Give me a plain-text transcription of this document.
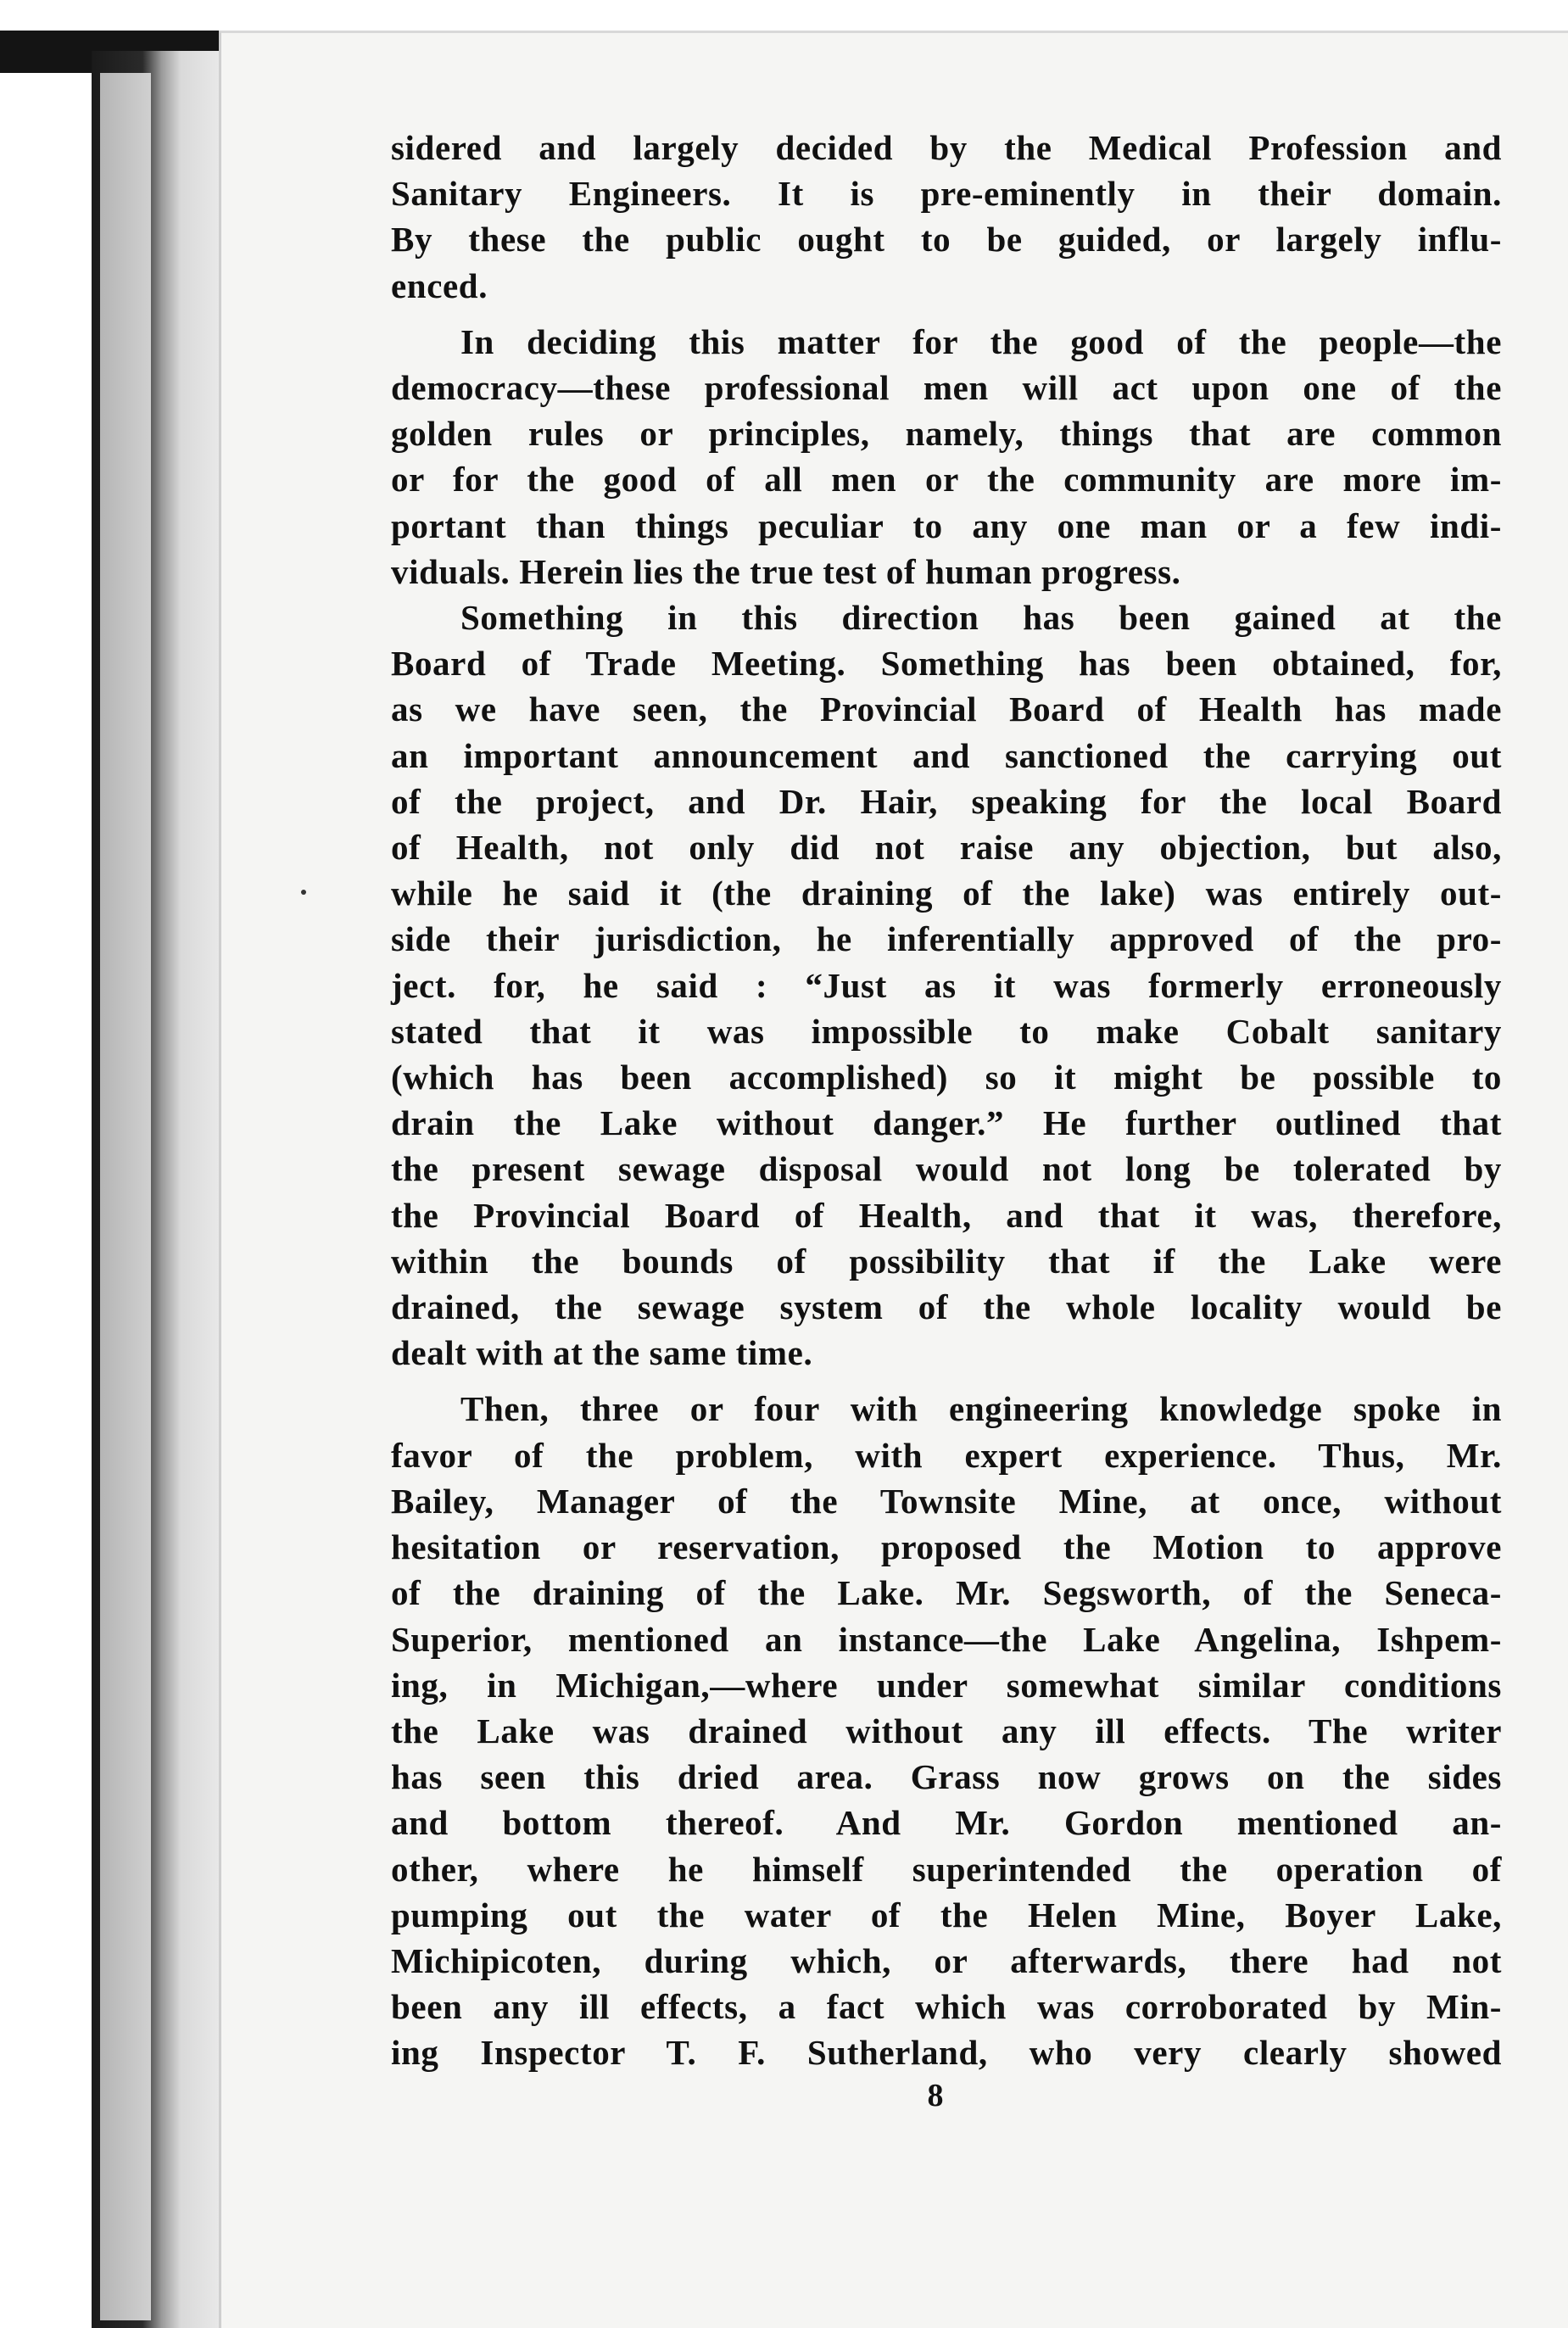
sidered and largely decided by the Medical Profession and
Sanitary Engineers. It is pre-eminently in their domain.
By these the public ought to be guided, or largely influ-
enced.
In deciding this matter for the good of the people—the
democracy—these professional men will act upon one of the
golden rules or principles, namely, things that are common
or for the good of all men or the community are more im-
portant than things peculiar to any one man or a few indi-
viduals. Herein lies the true test of human progress.
Something in this direction has been gained at the
Board of Trade Meeting. Something has been obtained, for,
as we have seen, the Provincial Board of Health has made
an important announcement and sanctioned the carrying out
of the project, and Dr. Hair, speaking for the local Board
of Health, not only did not raise any objection, but also,
while he said it (the draining of the lake) was entirely out-
side their jurisdiction, he inferentially approved of the pro-
ject. for, he said : “Just as it was formerly erroneously
stated that it was impossible to make Cobalt sanitary
(which has been accomplished) so it might be possible to
drain the Lake without danger.” He further outlined that
the present sewage disposal would not long be tolerated by
the Provincial Board of Health, and that it was, therefore,
within the bounds of possibility that if the Lake were
drained, the sewage system of the whole locality would be
dealt with at the same time.
Then, three or four with engineering knowledge spoke in
favor of the problem, with expert experience. Thus, Mr.
Bailey, Manager of the Townsite Mine, at once, without
hesitation or reservation, proposed the Motion to approve
of the draining of the Lake. Mr. Segsworth, of the Seneca-
Superior, mentioned an instance—the Lake Angelina, Ishpem-
ing, in Michigan,—where under somewhat similar conditions
the Lake was drained without any ill effects. The writer
has seen this dried area. Grass now grows on the sides
and bottom thereof. And Mr. Gordon mentioned an-
other, where he himself superintended the operation of
pumping out the water of the Helen Mine, Boyer Lake,
Michipicoten, during which, or afterwards, there had not
been any ill effects, a fact which was corroborated by Min-
ing Inspector T. F. Sutherland, who very clearly showed
8
